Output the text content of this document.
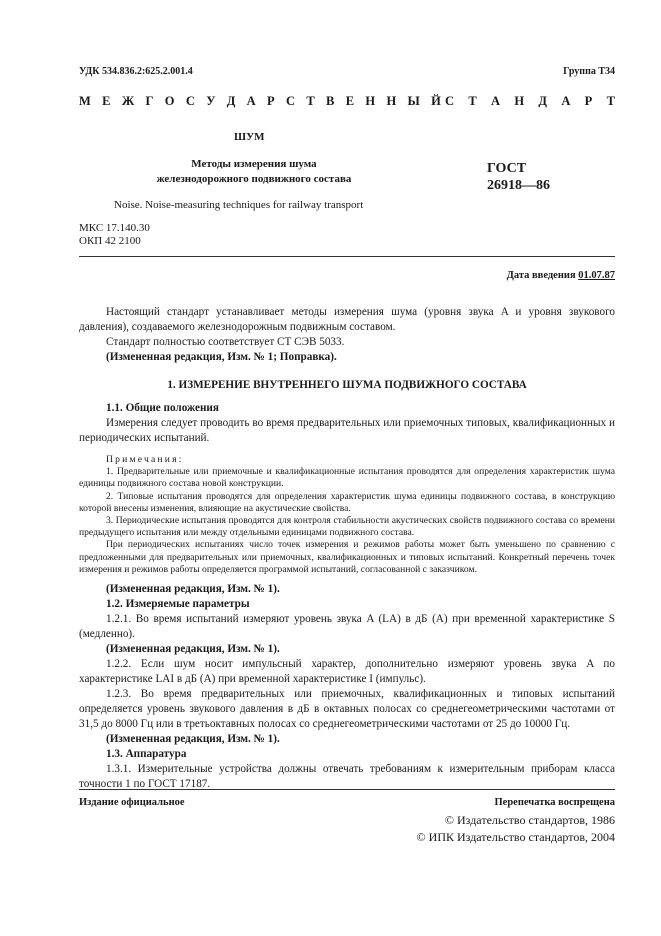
УДК 534.836.2:625.2.001.4	Группа Т34
М Е Ж Г О С У Д А Р С Т В Е Н Н Ы Й С Т А Н Д А Р Т
ШУМ
Методы измерения шума
железнодорожного подвижного состава
ГОСТ
26918—86
Noise. Noise-measuring techniques for railway transport
МКС 17.140.30
ОКП 42 2100
Дата введения 01.07.87

Настоящий стандарт устанавливает методы измерения шума (уровня звука A и уровня звукового давления), создаваемого железнодорожным подвижным составом.

Стандарт полностью соответствует СТ СЭВ 5033.

(Измененная редакция, Изм. № 1; Поправка).

1. ИЗМЕРЕНИЕ ВНУТРЕННЕГО ШУМА ПОДВИЖНОГО СОСТАВА

1.1. Общие положения

Измерения следует проводить во время предварительных или приемочных типовых, квалификационных и периодических испытаний.

Примечания:

1. Предварительные или приемочные и квалификационные испытания проводятся для определения характеристик шума единицы подвижного состава новой конструкции.

2. Типовые испытания проводятся для определения характеристик шума единицы подвижного состава, в конструкцию которой внесены изменения, влияющие на акустические свойства.

3. Периодические испытания проводятся для контроля стабильности акустических свойств подвижного состава со времени предыдущего испытания или между отдельными единицами подвижного состава.

При периодических испытаниях число точек измерения и режимов работы может быть уменьшено по сравнению с предложенными для предварительных или приемочных, квалификационных и типовых испытаний. Конкретный перечень точек измерения и режимов работы определяется программой испытаний, согласованной с заказчиком.

(Измененная редакция, Изм. № 1).

1.2. Измеряемые параметры

1.2.1. Во время испытаний измеряют уровень звука A (LA) в дБ (A) при временной характеристике S (медленно).

(Измененная редакция, Изм. № 1).

1.2.2. Если шум носит импульсный характер, дополнительно измеряют уровень звука A по характеристике LAI в дБ (A) при временной характеристике I (импульс).

1.2.3. Во время предварительных или приемочных, квалификационных и типовых испытаний определяется уровень звукового давления в дБ в октавных полосах со среднегеометрическими частотами от 31,5 до 8000 Гц или в третьоктавных полосах со среднегеометрическими частотами от 25 до 10000 Гц.

(Измененная редакция, Изм. № 1).

1.3. Аппаратура

1.3.1. Измерительные устройства должны отвечать требованиям к измерительным приборам класса точности 1 по ГОСТ 17187.

Издание официальное	Перепечатка воспрещена
© Издательство стандартов, 1986
© ИПК Издательство стандартов, 2004
